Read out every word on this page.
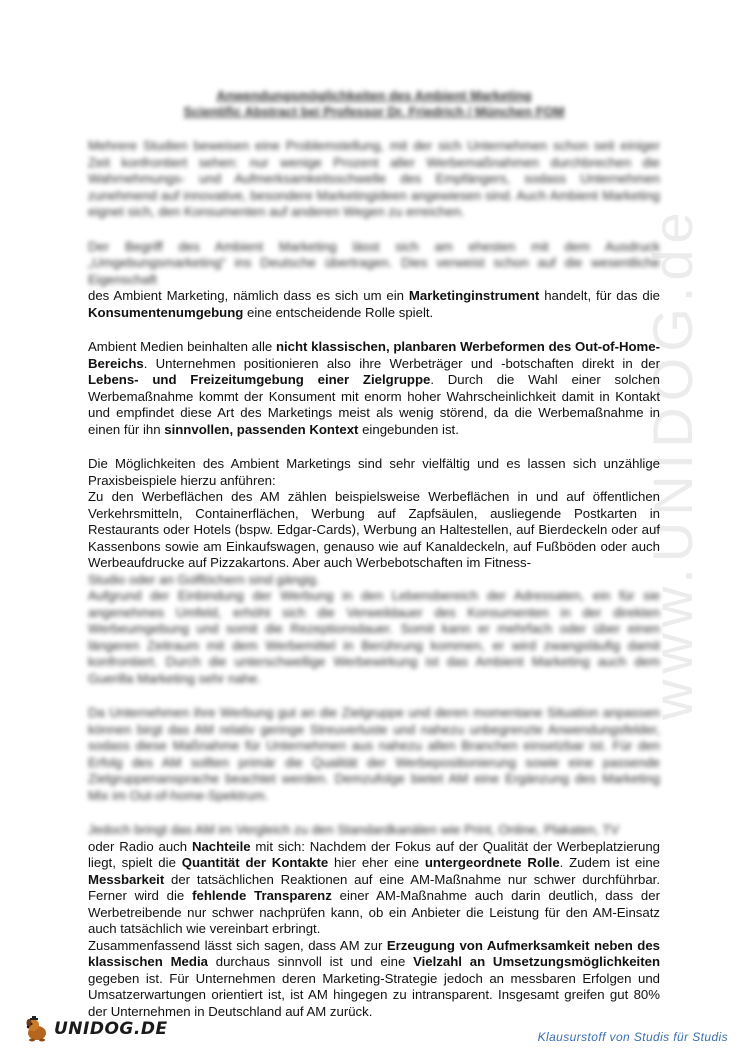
www.UNIDOG.de
Anwendungsmöglichkeiten des Ambient Marketing
Scientific Abstract bei Professor Dr. Friedrich / München FOM

Mehrere Studien beweisen eine Problemstellung, mit der sich Unternehmen schon seit einiger Zeit konfrontiert sehen: nur wenige Prozent aller Werbemaßnahmen durchbrechen die Wahrnehmungs- und Aufmerksamkeitsschwelle des Empfängers, sodass Unternehmen zunehmend auf innovative, besondere Marketingideen angewiesen sind. Auch Ambient Marketing eignet sich, den Konsumenten auf anderen Wegen zu erreichen.

Der Begriff des Ambient Marketing lässt sich am ehesten mit dem Ausdruck „Umgebungsmarketing“ ins Deutsche übertragen. Dies verweist schon auf die wesentliche Eigenschaft

des Ambient Marketing, nämlich dass es sich um ein Marketinginstrument handelt, für das die Konsumentenumgebung eine entscheidende Rolle spielt.

Ambient Medien beinhalten alle nicht klassischen, planbaren Werbeformen des Out-of-Home-Bereichs. Unternehmen positionieren also ihre Werbeträger und -botschaften direkt in der Lebens- und Freizeitumgebung einer Zielgruppe. Durch die Wahl einer solchen Werbemaßnahme kommt der Konsument mit enorm hoher Wahrscheinlichkeit damit in Kontakt und empfindet diese Art des Marketings meist als wenig störend, da die Werbemaßnahme in einen für ihn sinnvollen, passenden Kontext eingebunden ist.

Die Möglichkeiten des Ambient Marketings sind sehr vielfältig und es lassen sich unzählige Praxisbeispiele hierzu anführen:

Zu den Werbeflächen des AM zählen beispielsweise Werbeflächen in und auf öffentlichen Verkehrsmitteln, Containerflächen, Werbung auf Zapfsäulen, ausliegende Postkarten in Restaurants oder Hotels (bspw. Edgar-Cards), Werbung an Haltestellen, auf Bierdeckeln oder auf Kassenbons sowie am Einkaufswagen, genauso wie auf Kanaldeckeln, auf Fußböden oder auch Werbeaufdrucke auf Pizzakartons. Aber auch Werbebotschaften im Fitness-

Studio oder an Golflöchern sind gängig.

Aufgrund der Einbindung der Werbung in den Lebensbereich der Adressaten, ein für sie angenehmes Umfeld, erhöht sich die Verweildauer des Konsumenten in der direkten Werbeumgebung und somit die Rezeptionsdauer. Somit kann er mehrfach oder über einen längeren Zeitraum mit dem Werbemittel in Berührung kommen, er wird zwangsläufig damit konfrontiert. Durch die unterschwellige Werbewirkung ist das Ambient Marketing auch dem Guerilla Marketing sehr nahe.

Da Unternehmen ihre Werbung gut an die Zielgruppe und deren momentane Situation anpassen können birgt das AM relativ geringe Streuverluste und nahezu unbegrenzte Anwendungsfelder, sodass diese Maßnahme für Unternehmen aus nahezu allen Branchen einsetzbar ist. Für den Erfolg des AM sollten primär die Qualität der Werbepositionierung sowie eine passende Zielgruppenansprache beachtet werden. Demzufolge bietet AM eine Ergänzung des Marketing Mix im Out-of-home-Spektrum.

Jedoch bringt das AM im Vergleich zu den Standardkanälen wie Print, Online, Plakaten, TV

oder Radio auch Nachteile mit sich: Nachdem der Fokus auf der Qualität der Werbeplatzierung liegt, spielt die Quantität der Kontakte hier eher eine untergeordnete Rolle. Zudem ist eine Messbarkeit der tatsächlichen Reaktionen auf eine AM-Maßnahme nur schwer durchführbar. Ferner wird die fehlende Transparenz einer AM-Maßnahme auch darin deutlich, dass der Werbetreibende nur schwer nachprüfen kann, ob ein Anbieter die Leistung für den AM-Einsatz auch tatsächlich wie vereinbart erbringt.

Zusammenfassend lässt sich sagen, dass AM zur Erzeugung von Aufmerksamkeit neben des klassischen Media durchaus sinnvoll ist und eine Vielzahl an Umsetzungsmöglichkeiten gegeben ist. Für Unternehmen deren Marketing-Strategie jedoch an messbaren Erfolgen und Umsatzerwartungen orientiert ist, ist AM hingegen zu intransparent. Insgesamt greifen gut 80% der Unternehmen in Deutschland auf AM zurück.

UNIDOG.DE	Klausurstoff von Studis für Studis
